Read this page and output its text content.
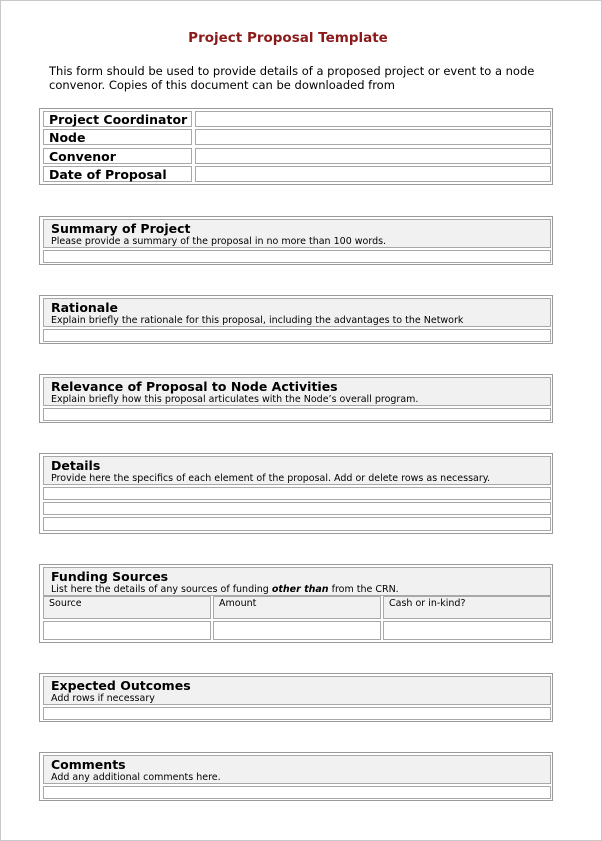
Project Proposal Template
This form should be used to provide details of a proposed project or event to a node convenor. Copies of this document can be downloaded from
Project Coordinator
Node
Convenor
Date of Proposal
Summary of Project
Please provide a summary of the proposal in no more than 100 words.
Rationale
Explain briefly the rationale for this proposal, including the advantages to the Network
Relevance of Proposal to Node Activities
Explain briefly how this proposal articulates with the Node’s overall program.
Details
Provide here the specifics of each element of the proposal. Add or delete rows as necessary.
Funding Sources
List here the details of any sources of funding other than from the CRN.
Source	Amount	Cash or in-kind?
Expected Outcomes
Add rows if necessary
Comments
Add any additional comments here.
